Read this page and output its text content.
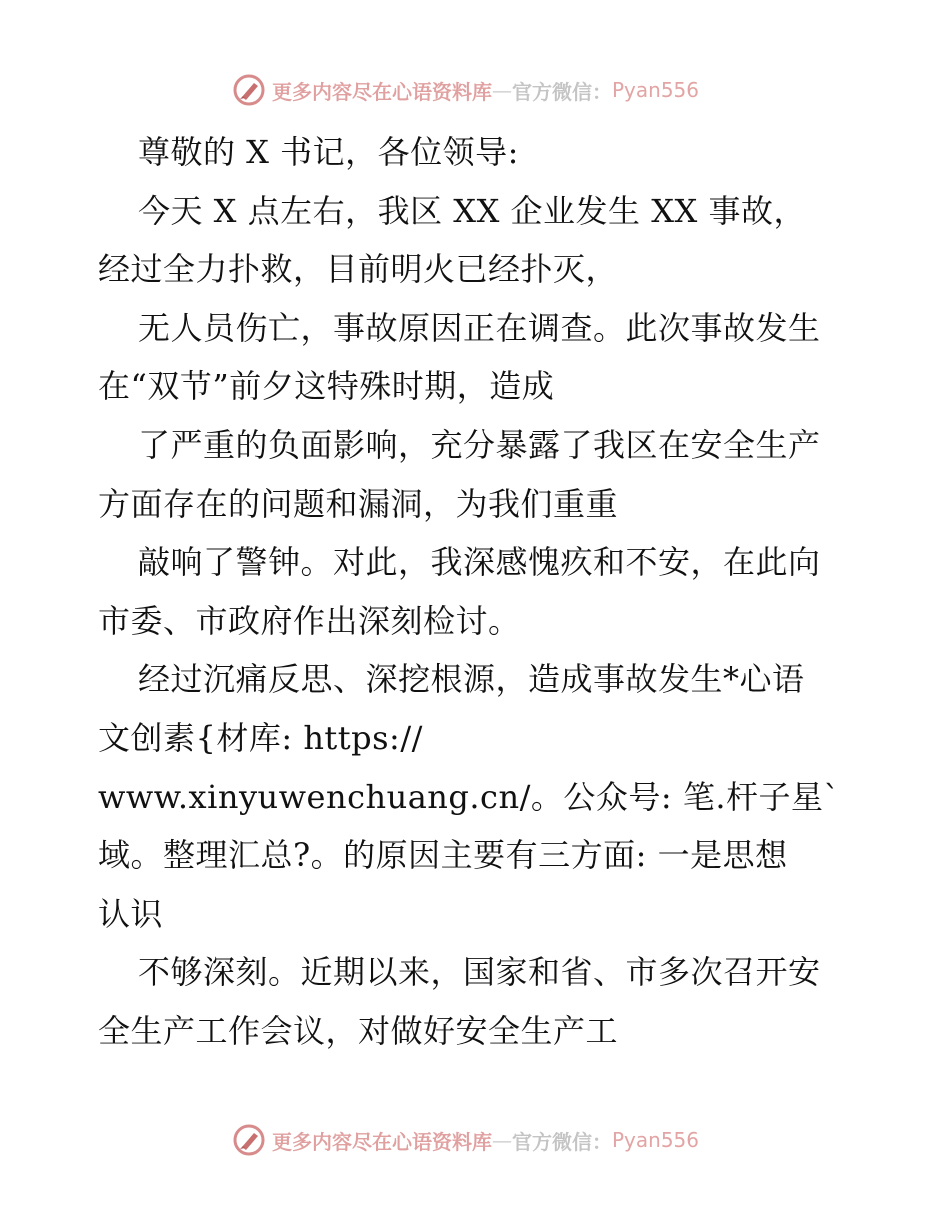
更多内容尽在心语资料库 — 官方微信： Pyan556
尊敬的 X 书记，各位领导:
今天 X 点左右，我区 XX 企业发生 XX 事故，
经过全力扑救，目前明火已经扑灭，
无人员伤亡，事故原因正在调查。此次事故发生
在“双节”前夕这特殊时期，造成
了严重的负面影响，充分暴露了我区在安全生产
方面存在的问题和漏洞，为我们重重
敲响了警钟。对此，我深感愧疚和不安，在此向
市委、市政府作出深刻检讨。
经过沉痛反思、深挖根源，造成事故发生*心语
文创素{材库: https://
www.xinyuwenchuang.cn/。公众号: 笔.杆子星`
域。整理汇总?。的原因主要有三方面: 一是思想
认识
不够深刻。近期以来，国家和省、市多次召开安
全生产工作会议，对做好安全生产工
更多内容尽在心语资料库 — 官方微信： Pyan556
